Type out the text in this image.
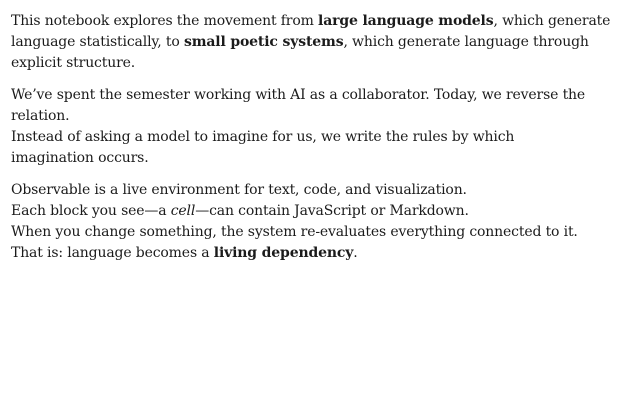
This notebook explores the movement from large language models, which generate
language statistically, to small poetic systems, which generate language through
explicit structure.

We’ve spent the semester working with AI as a collaborator. Today, we reverse the
relation.
Instead of asking a model to imagine for us, we write the rules by which
imagination occurs.

Observable is a live environment for text, code, and visualization.
Each block you see—a cell—can contain JavaScript or Markdown.
When you change something, the system re-evaluates everything connected to it.
That is: language becomes a living dependency.
